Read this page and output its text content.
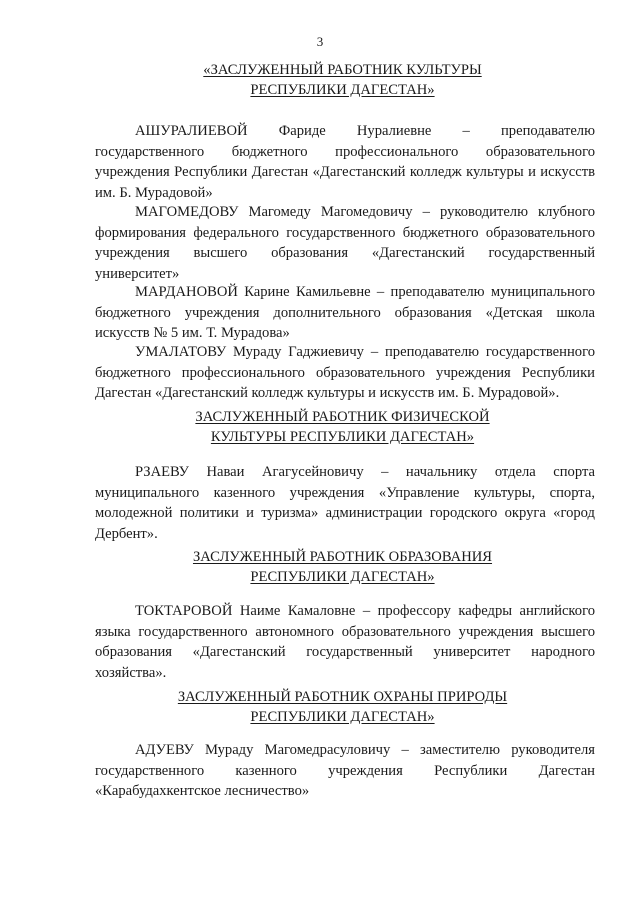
3
«ЗАСЛУЖЕННЫЙ РАБОТНИК КУЛЬТУРЫ
РЕСПУБЛИКИ ДАГЕСТАН»

АШУРАЛИЕВОЙ Фариде Нуралиевне – преподавателю государственного бюджетного профессионального образовательного учреждения Республики Дагестан «Дагестанский колледж культуры и искусств им. Б. Мурадовой»

МАГОМЕДОВУ Магомеду Магомедовичу – руководителю клубного формирования федерального государственного бюджетного образовательного учреждения высшего образования «Дагестанский государственный университет»

МАРДАНОВОЙ Карине Камильевне – преподавателю муниципального бюджетного учреждения дополнительного образования «Детская школа искусств № 5 им. Т. Мурадова»

УМАЛАТОВУ Мураду Гаджиевичу – преподавателю государственного бюджетного профессионального образовательного учреждения Республики Дагестан «Дагестанский колледж культуры и искусств им. Б. Мурадовой».

ЗАСЛУЖЕННЫЙ РАБОТНИК ФИЗИЧЕСКОЙ
КУЛЬТУРЫ РЕСПУБЛИКИ ДАГЕСТАН»

РЗАЕВУ Наваи Агагусейновичу – начальнику отдела спорта муниципального казенного учреждения «Управление культуры, спорта, молодежной политики и туризма» администрации городского округа «город Дербент».

ЗАСЛУЖЕННЫЙ РАБОТНИК ОБРАЗОВАНИЯ
РЕСПУБЛИКИ ДАГЕСТАН»

ТОКТАРОВОЙ Наиме Камаловне – профессору кафедры английского языка государственного автономного образовательного учреждения высшего образования «Дагестанский государственный университет народного хозяйства».

ЗАСЛУЖЕННЫЙ РАБОТНИК ОХРАНЫ ПРИРОДЫ
РЕСПУБЛИКИ ДАГЕСТАН»

АДУЕВУ Мураду Магомедрасуловичу – заместителю руководителя государственного казенного учреждения Республики Дагестан «Карабудахкентское лесничество»
